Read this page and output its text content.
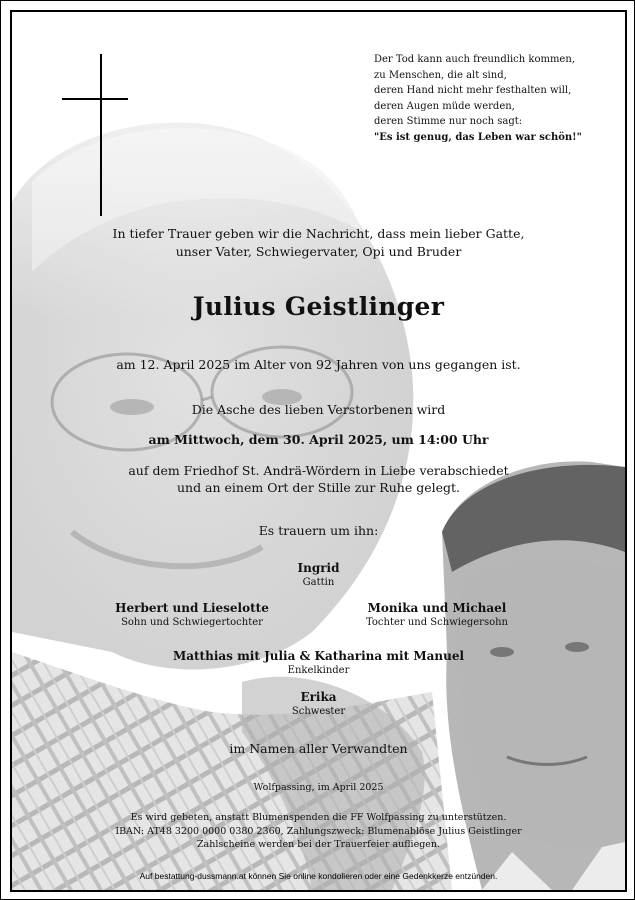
Der Tod kann auch freundlich kommen,
zu Menschen, die alt sind,
deren Hand nicht mehr festhalten will,
deren Augen müde werden,
deren Stimme nur noch sagt:
"Es ist genug, das Leben war schön!"
In tiefer Trauer geben wir die Nachricht, dass mein lieber Gatte,
unser Vater, Schwiegervater, Opi und Bruder
Julius Geistlinger
am 12. April 2025 im Alter von 92 Jahren von uns gegangen ist.
Die Asche des lieben Verstorbenen wird
am Mittwoch, dem 30. April 2025, um 14:00 Uhr
auf dem Friedhof St. Andrä-Wördern in Liebe verabschiedet
und an einem Ort der Stille zur Ruhe gelegt.
Es trauern um ihn:
Ingrid
Gattin
Herbert und Lieselotte
Sohn und Schwiegertochter
Monika und Michael
Tochter und Schwiegersohn
Matthias mit Julia & Katharina mit Manuel
Enkelkinder
Erika
Schwester
im Namen aller Verwandten
Wolfpassing, im April 2025
Es wird gebeten, anstatt Blumenspenden die FF Wolfpassing zu unterstützen.
IBAN: AT48 3200 0000 0380 2360, Zahlungszweck: Blumenablöse Julius Geistlinger
Zahlscheine werden bei der Trauerfeier aufliegen.
Auf bestattung-dussmann.at können Sie online kondolieren oder eine Gedenkkerze entzünden.
